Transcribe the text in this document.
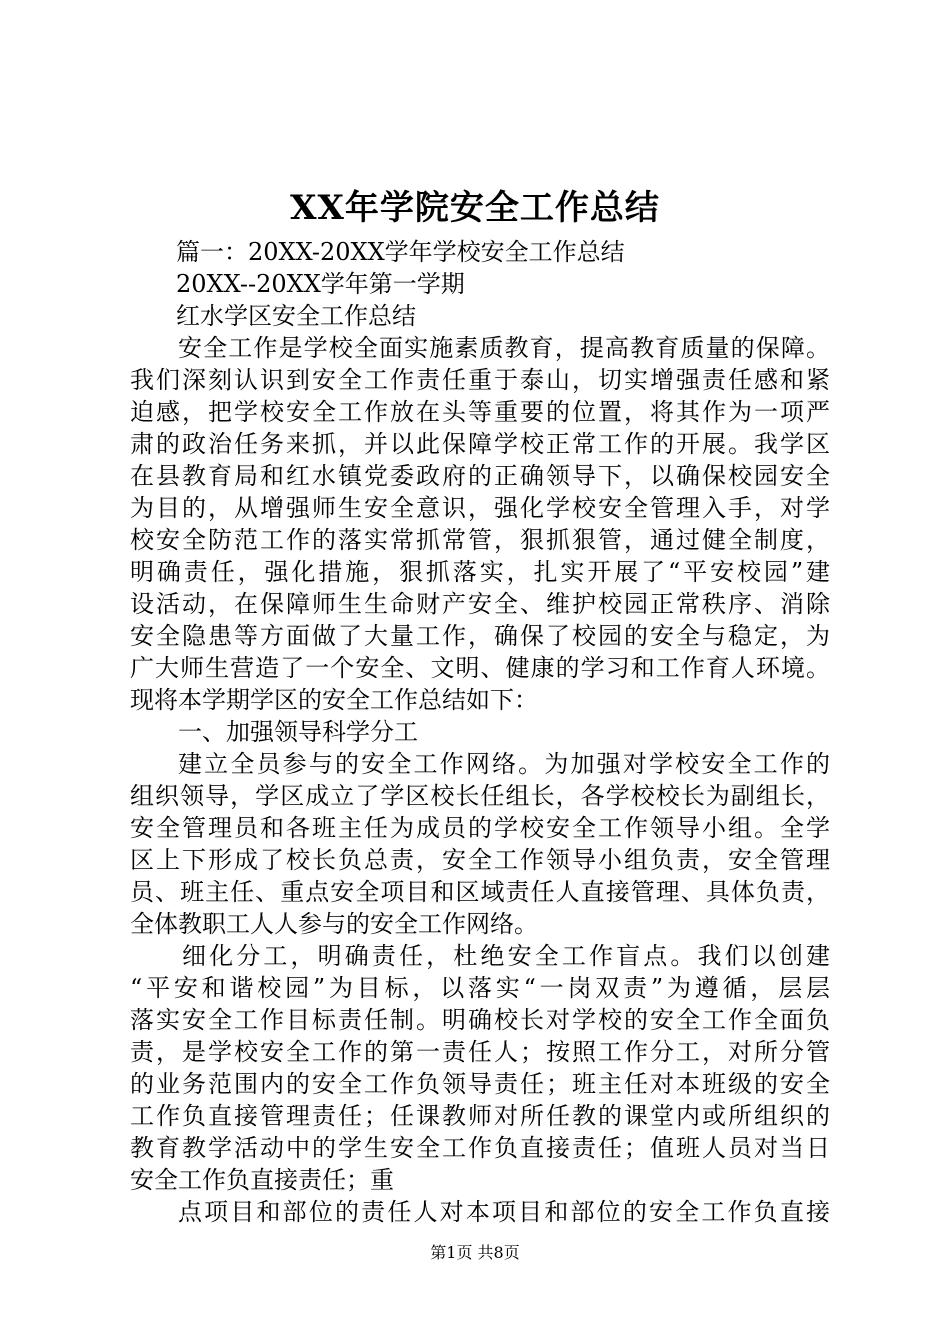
XX年学院安全工作总结

篇一：20XX-20XX学年学校安全工作总结

20XX--20XX学年第一学期

红水学区安全工作总结

安全工作是学校全面实施素质教育，提高教育质量的保障。

我们深刻认识到安全工作责任重于泰山，切实增强责任感和紧

迫感，把学校安全工作放在头等重要的位置，将其作为一项严

肃的政治任务来抓，并以此保障学校正常工作的开展。我学区

在县教育局和红水镇党委政府的正确领导下，以确保校园安全

为目的，从增强师生安全意识，强化学校安全管理入手，对学

校安全防范工作的落实常抓常管，狠抓狠管，通过健全制度，

明确责任，强化措施，狠抓落实，扎实开展了“平安校园”建

设活动，在保障师生生命财产安全、维护校园正常秩序、消除

安全隐患等方面做了大量工作，确保了校园的安全与稳定，为

广大师生营造了一个安全、文明、健康的学习和工作育人环境。

现将本学期学区的安全工作总结如下：

一、加强领导科学分工

建立全员参与的安全工作网络。为加强对学校安全工作的

组织领导，学区成立了学区校长任组长，各学校校长为副组长，

安全管理员和各班主任为成员的学校安全工作领导小组。全学

区上下形成了校长负总责，安全工作领导小组负责，安全管理

员、班主任、重点安全项目和区域责任人直接管理、具体负责，

全体教职工人人参与的安全工作网络。

细化分工，明确责任，杜绝安全工作盲点。我们以创建

“平安和谐校园”为目标，以落实“一岗双责”为遵循，层层

落实安全工作目标责任制。明确校长对学校的安全工作全面负

责，是学校安全工作的第一责任人；按照工作分工，对所分管

的业务范围内的安全工作负领导责任；班主任对本班级的安全

工作负直接管理责任；任课教师对所任教的课堂内或所组织的

教育教学活动中的学生安全工作负直接责任；值班人员对当日

安全工作负直接责任；重

点项目和部位的责任人对本项目和部位的安全工作负直接

第1页 共8页
